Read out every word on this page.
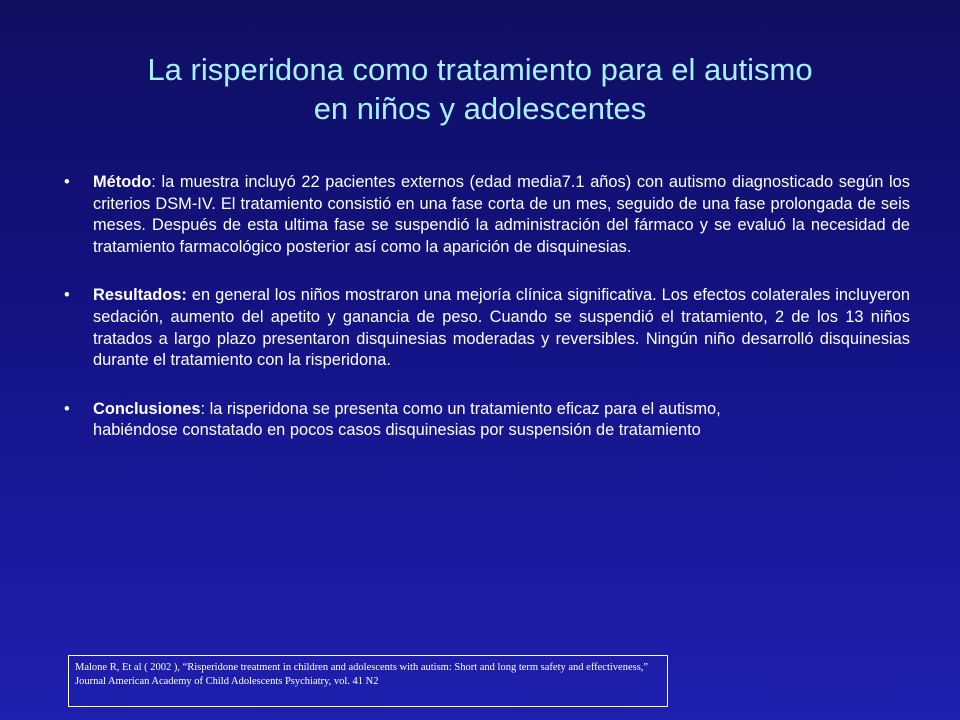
La risperidona como tratamiento para el autismo
en niños y adolescentes
•	Método: la muestra incluyó 22 pacientes externos (edad media7.1 años) con autismo diagnosticado según los criterios DSM-IV. El tratamiento consistió en una fase corta de un mes, seguido de una fase prolongada de seis meses. Después de esta ultima fase se suspendió la administración del fármaco y se evaluó la necesidad de tratamiento farmacológico posterior así como la aparición de disquinesias.
•	Resultados: en general los niños mostraron una mejoría clínica significativa. Los efectos colaterales incluyeron sedación, aumento del apetito y ganancia de peso. Cuando se suspendió el tratamiento, 2 de los 13 niños tratados a largo plazo presentaron disquinesias moderadas y reversibles. Ningún niño desarrolló disquinesias durante el tratamiento con la risperidona.
•	Conclusiones: la risperidona se presenta como un tratamiento eficaz para el autismo, habiéndose constatado en pocos casos disquinesias por suspensión de tratamiento
Malone R, Et al ( 2002 ), “Risperidone treatment in children and adolescents with autism: Short and long term safety and effectiveness,” Journal American Academy of Child Adolescents Psychiatry, vol. 41 N2
